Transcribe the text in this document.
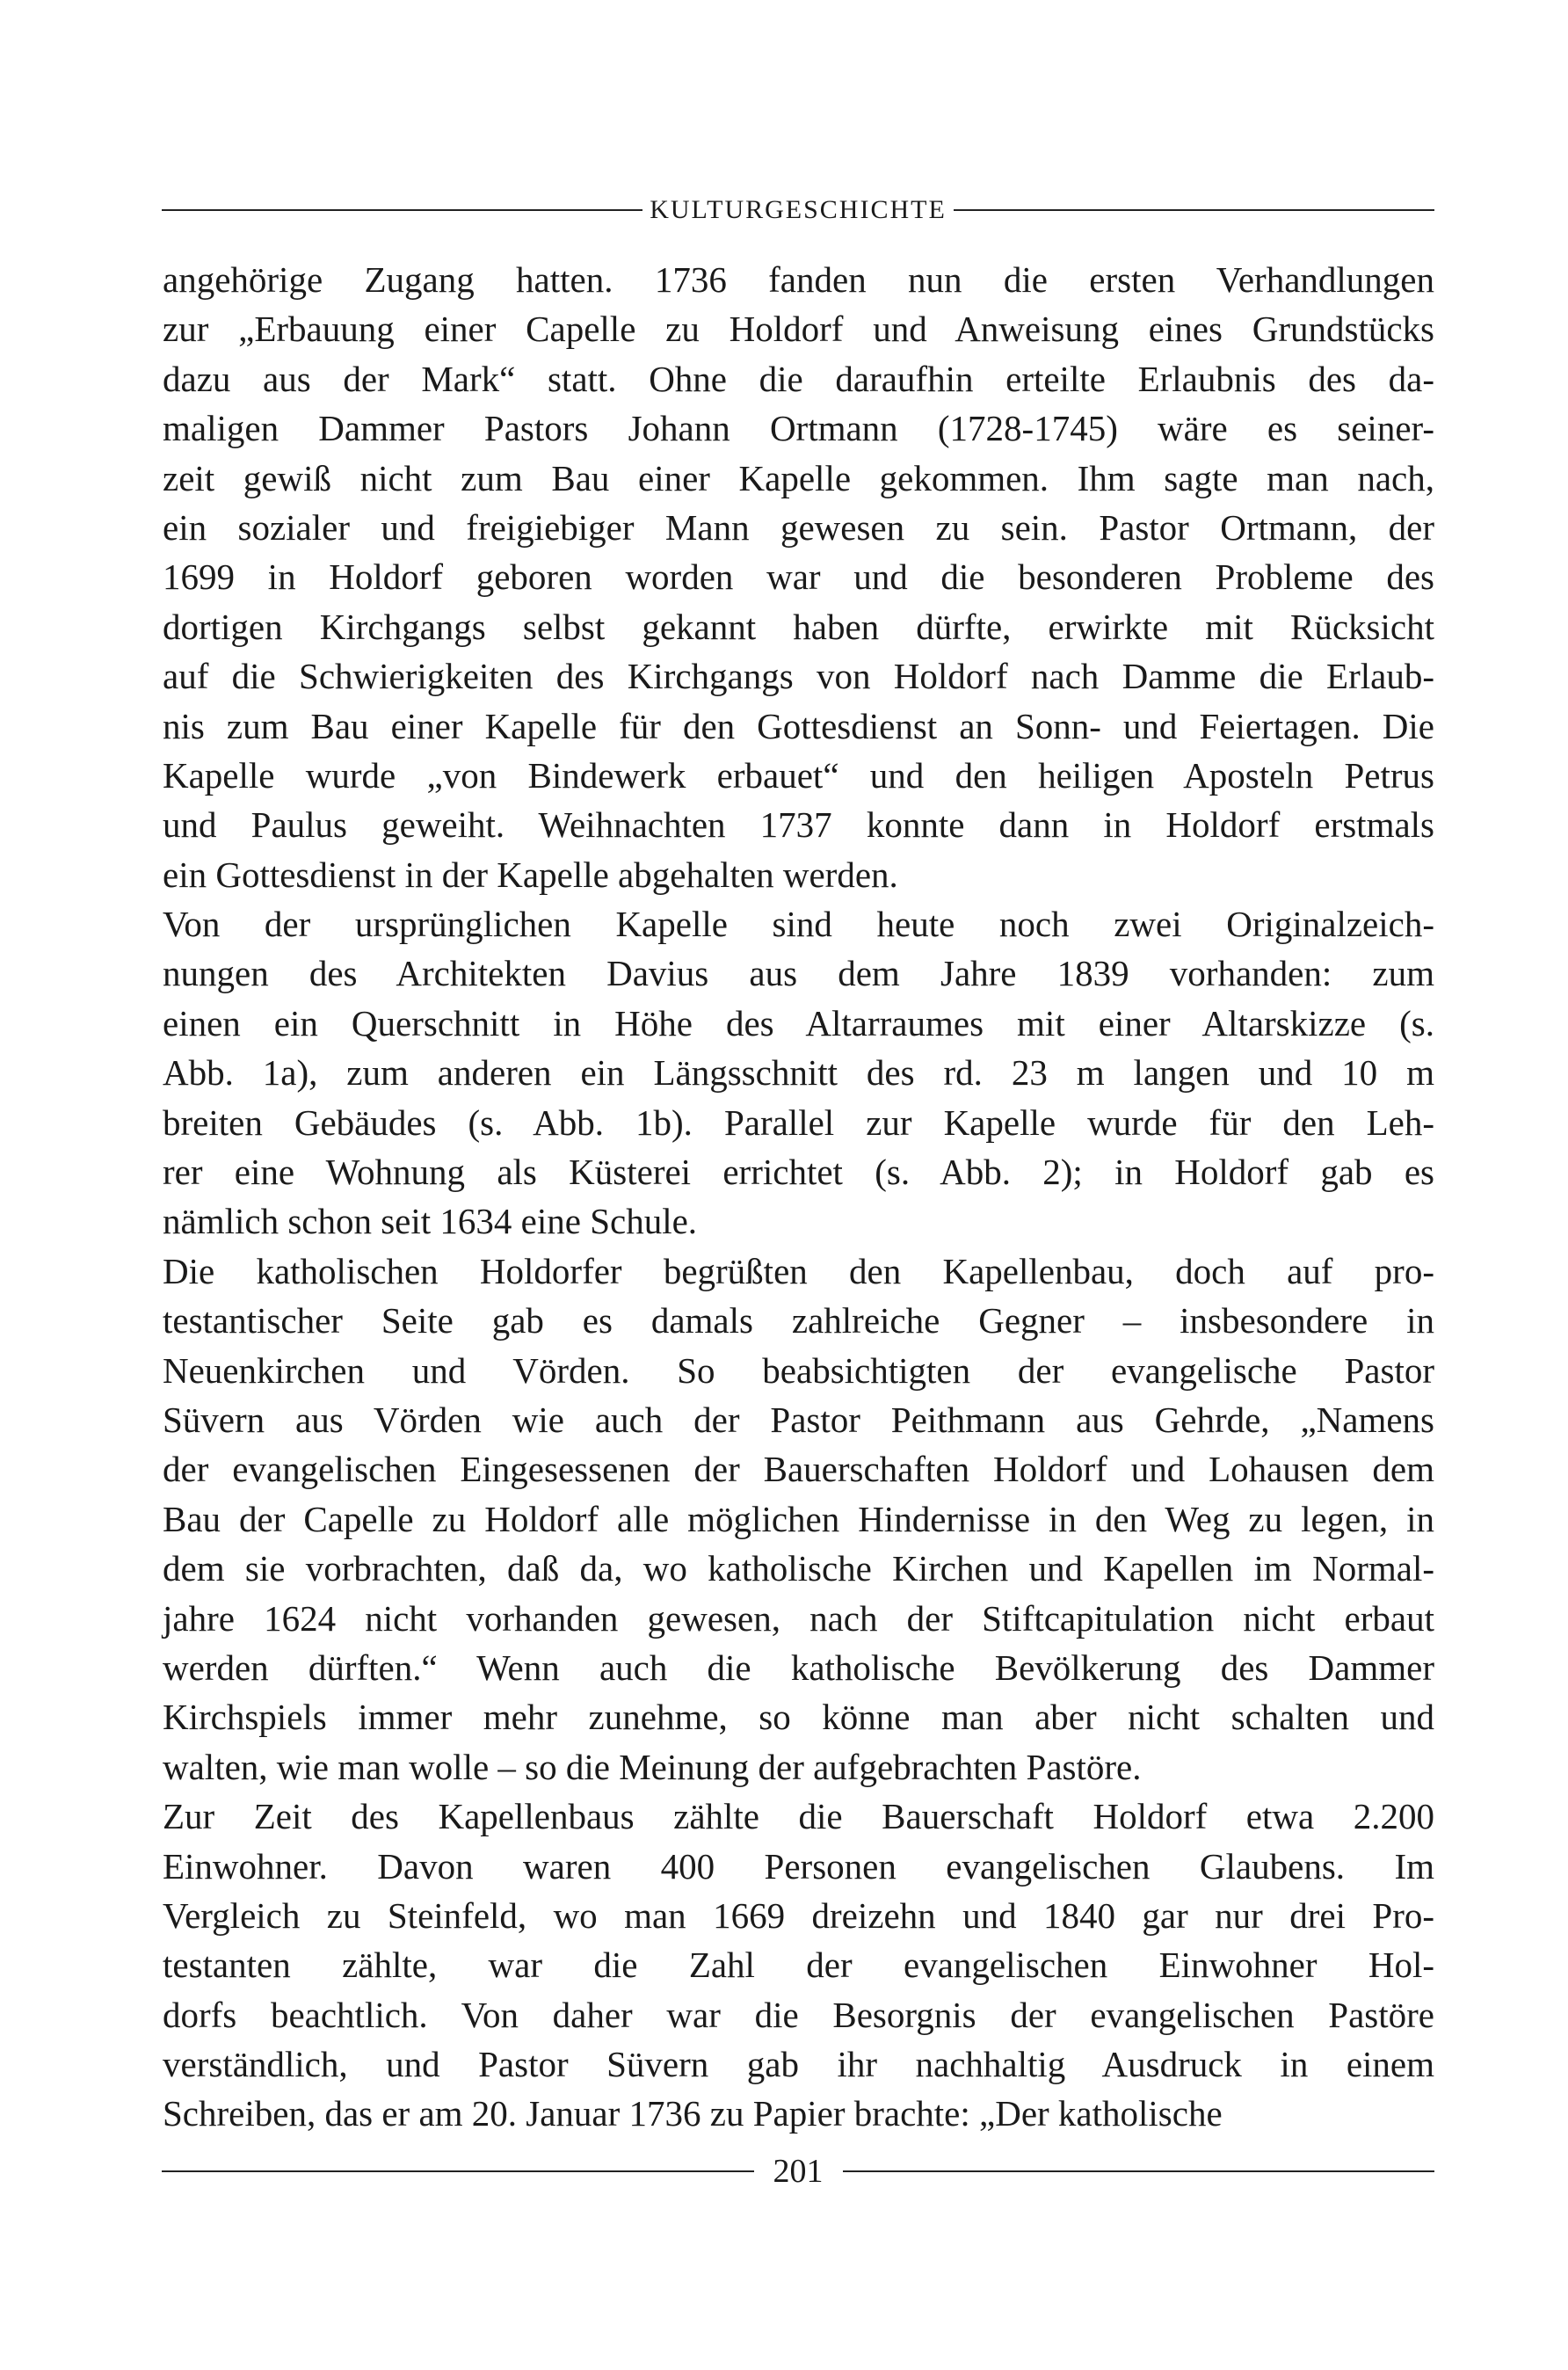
KULTURGESCHICHTE
angehörige Zugang hatten. 1736 fanden nun die ersten Verhandlungen
zur „Erbauung einer Capelle zu Holdorf und Anweisung eines Grundstücks
dazu aus der Mark“ statt. Ohne die daraufhin erteilte Erlaubnis des da-
maligen Dammer Pastors Johann Ortmann (1728-1745) wäre es seiner-
zeit gewiß nicht zum Bau einer Kapelle gekommen. Ihm sagte man nach,
ein sozialer und freigiebiger Mann gewesen zu sein. Pastor Ortmann, der
1699 in Holdorf geboren worden war und die besonderen Probleme des
dortigen Kirchgangs selbst gekannt haben dürfte, erwirkte mit Rücksicht
auf die Schwierigkeiten des Kirchgangs von Holdorf nach Damme die Erlaub-
nis zum Bau einer Kapelle für den Gottesdienst an Sonn- und Feiertagen. Die
Kapelle wurde „von Bindewerk erbauet“ und den heiligen Aposteln Petrus
und Paulus geweiht. Weihnachten 1737 konnte dann in Holdorf erstmals
ein Gottesdienst in der Kapelle abgehalten werden.
Von der ursprünglichen Kapelle sind heute noch zwei Originalzeich-
nungen des Architekten Davius aus dem Jahre 1839 vorhanden: zum
einen ein Querschnitt in Höhe des Altarraumes mit einer Altarskizze (s.
Abb. 1a), zum anderen ein Längsschnitt des rd. 23 m langen und 10 m
breiten Gebäudes (s. Abb. 1b). Parallel zur Kapelle wurde für den Leh-
rer eine Wohnung als Küsterei errichtet (s. Abb. 2); in Holdorf gab es
nämlich schon seit 1634 eine Schule.
Die katholischen Holdorfer begrüßten den Kapellenbau, doch auf pro-
testantischer Seite gab es damals zahlreiche Gegner – insbesondere in
Neuenkirchen und Vörden. So beabsichtigten der evangelische Pastor
Süvern aus Vörden wie auch der Pastor Peithmann aus Gehrde, „Namens
der evangelischen Eingesessenen der Bauerschaften Holdorf und Lohausen dem
Bau der Capelle zu Holdorf alle möglichen Hindernisse in den Weg zu legen, in
dem sie vorbrachten, daß da, wo katholische Kirchen und Kapellen im Normal-
jahre 1624 nicht vorhanden gewesen, nach der Stiftcapitulation nicht erbaut
werden dürften.“ Wenn auch die katholische Bevölkerung des Dammer
Kirchspiels immer mehr zunehme, so könne man aber nicht schalten und
walten, wie man wolle – so die Meinung der aufgebrachten Pastöre.
Zur Zeit des Kapellenbaus zählte die Bauerschaft Holdorf etwa 2.200
Einwohner. Davon waren 400 Personen evangelischen Glaubens. Im
Vergleich zu Steinfeld, wo man 1669 dreizehn und 1840 gar nur drei Pro-
testanten zählte, war die Zahl der evangelischen Einwohner Hol-
dorfs beachtlich. Von daher war die Besorgnis der evangelischen Pastöre
verständlich, und Pastor Süvern gab ihr nachhaltig Ausdruck in einem
Schreiben, das er am 20. Januar 1736 zu Papier brachte: „Der katholische
201
